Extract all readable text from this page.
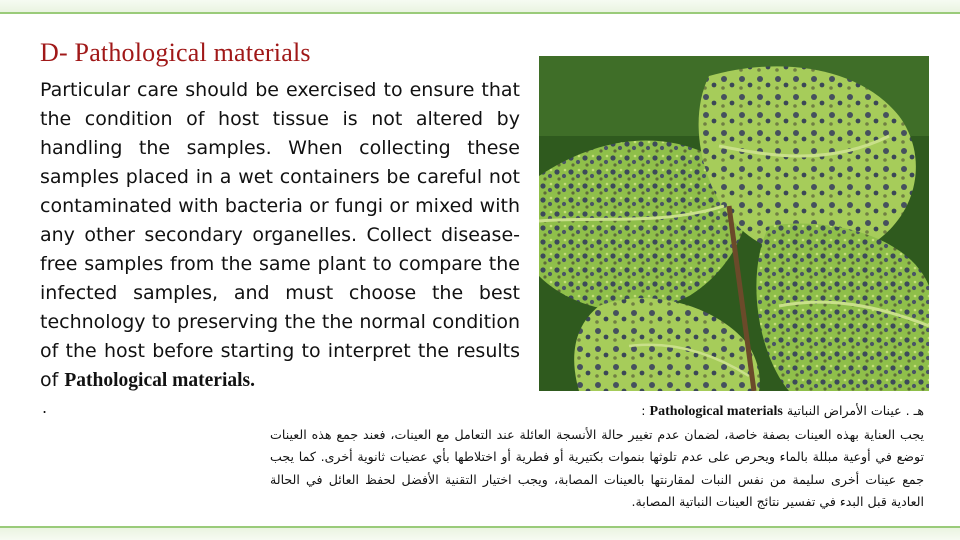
D- Pathological materials

Particular care should be exercised to ensure that the condition of host tissue is not altered by handling the samples. When collecting these samples placed in a wet containers be careful not contaminated with bacteria or fungi or mixed with any other secondary organelles. Collect disease- free samples from the same plant to compare the infected samples, and must choose the best technology to preserving the the normal condition of the host before starting to interpret the results of Pathological materials.

.	هـ . عينات الأمراض النباتية Pathological materials :
يجب العناية بهذه العينات بصفة خاصة، لضمان عدم تغيير حالة الأنسجة العائلة عند التعامل مع العينات، فعند جمع هذه العينات توضع في أوعية مبللة بالماء ويحرص على عدم تلوثها بنموات بكتيرية أو فطرية أو اختلاطها بأي عضيات ثانوية أخرى. كما يجب جمع عينات أخرى سليمة من نفس النبات لمقارنتها بالعينات المصابة، ويجب اختيار التقنية الأفضل لحفظ العائل في الحالة العادية قبل البدء في تفسير نتائج العينات النباتية المصابة.
